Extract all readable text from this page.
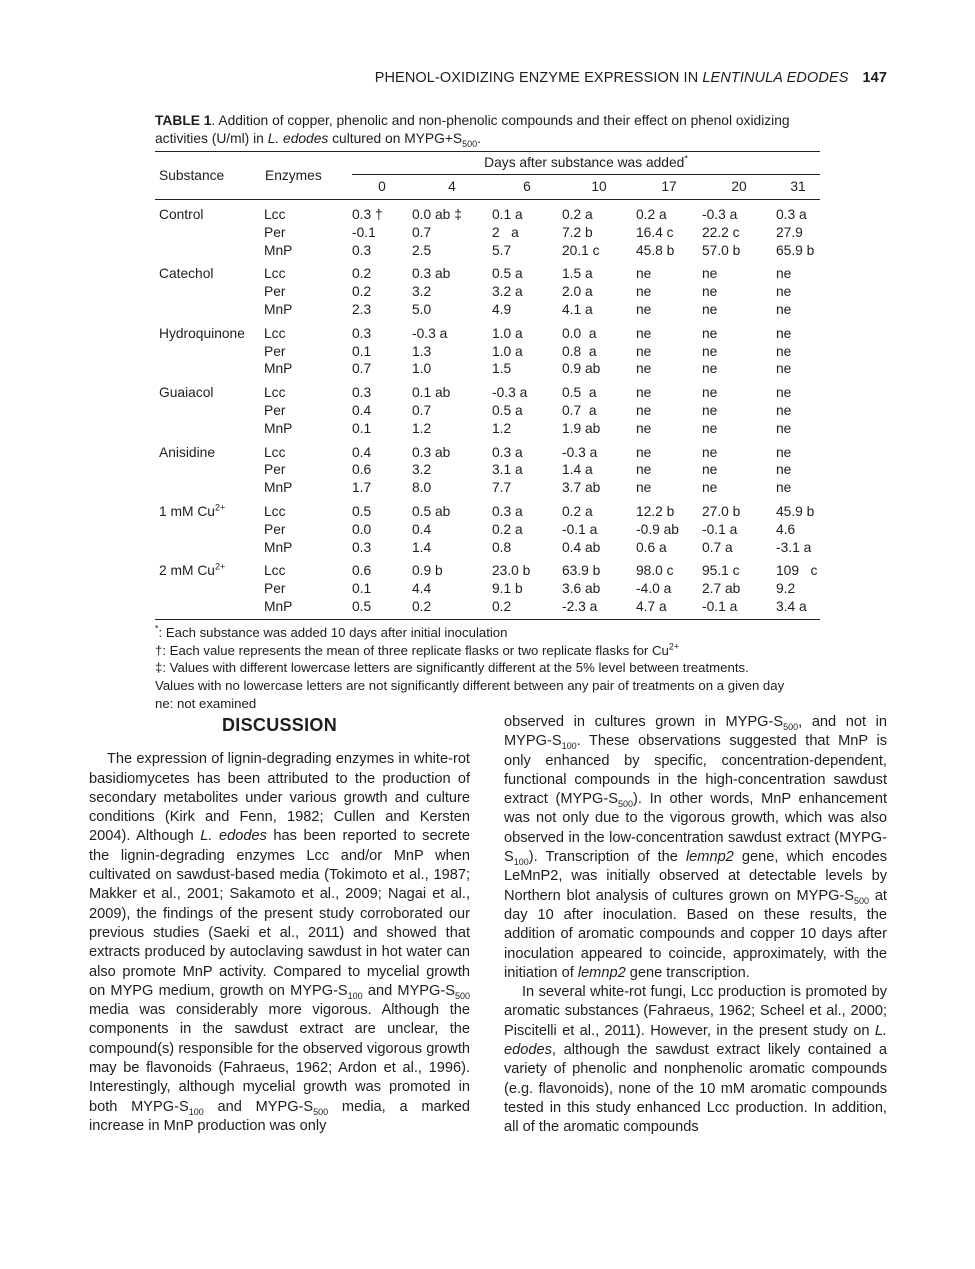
PHENOL-OXIDIZING ENZYME EXPRESSION IN LENTINULA EDODES 147

TABLE 1. Addition of copper, phenolic and non-phenolic compounds and their effect on phenol oxidizing activities (U/ml) in L. edodes cultured on $MYPG+S_{500}$.

Substance	Enzymes	Days after substance was added*
		0	4	6	10	17	20	31
Control	Lcc	0.3 †	0.0 ab ‡	0.1 a	0.2 a	0.2 a	-0.3 a	0.3 a
	Per	-0.1	0.7	2   a	7.2 b	16.4 c	22.2 c	27.9
	MnP	0.3	2.5	5.7	20.1 c	45.8 b	57.0 b	65.9 b
Catechol	Lcc	0.2	0.3 ab	0.5 a	1.5 a	ne	ne	ne
	Per	0.2	3.2	3.2 a	2.0 a	ne	ne	ne
	MnP	2.3	5.0	4.9	4.1 a	ne	ne	ne
Hydroquinone	Lcc	0.3	-0.3 a	1.0 a	0.0  a	ne	ne	ne
	Per	0.1	1.3	1.0 a	0.8  a	ne	ne	ne
	MnP	0.7	1.0	1.5	0.9 ab	ne	ne	ne
Guaiacol	Lcc	0.3	0.1 ab	-0.3 a	0.5  a	ne	ne	ne
	Per	0.4	0.7	0.5 a	0.7  a	ne	ne	ne
	MnP	0.1	1.2	1.2	1.9 ab	ne	ne	ne
Anisidine	Lcc	0.4	0.3 ab	0.3 a	-0.3 a	ne	ne	ne
	Per	0.6	3.2	3.1 a	1.4 a	ne	ne	ne
	MnP	1.7	8.0	7.7	3.7 ab	ne	ne	ne
1 mM $Cu^{2+}$	Lcc	0.5	0.5 ab	0.3 a	0.2 a	12.2 b	27.0 b	45.9 b
	Per	0.0	0.4	0.2 a	-0.1 a	-0.9 ab	-0.1 a	4.6
	MnP	0.3	1.4	0.8	0.4 ab	0.6 a	0.7 a	-3.1 a
2 mM $Cu^{2+}$	Lcc	0.6	0.9 b	23.0 b	63.9 b	98.0 c	95.1 c	109   c
	Per	0.1	4.4	9.1 b	3.6 ab	-4.0 a	2.7 ab	9.2
	MnP	0.5	0.2	0.2	-2.3 a	4.7 a	-0.1 a	3.4 a
*: Each substance was added 10 days after initial inoculation
†: Each value represents the mean of three replicate flasks or two replicate flasks for $Cu^{2+}$
‡: Values with different lowercase letters are significantly different at the 5% level between treatments.
Values with no lowercase letters are not significantly different between any pair of treatments on a given day
ne: not examined
DISCUSSION

The expression of lignin-degrading enzymes in white-rot basidiomycetes has been attributed to the production of secondary metabolites under various growth and culture conditions (Kirk and Fenn, 1982; Cullen and Kersten 2004). Although L. edodes has been reported to secrete the lignin-degrading enzymes Lcc and/or MnP when cultivated on sawdust-based media (Tokimoto et al., 1987; Makker et al., 2001; Sakamoto et al., 2009; Nagai et al., 2009), the findings of the present study corroborated our previous studies (Saeki et al., 2011) and showed that extracts produced by autoclaving sawdust in hot water can also promote MnP activity. Compared to mycelial growth on MYPG medium, growth on MYPG-$S_{100}$ and MYPG-$S_{500}$ media was considerably more vigorous. Although the components in the sawdust extract are unclear, the compound(s) responsible for the observed vigorous growth may be flavonoids (Fahraeus, 1962; Ardon et al., 1996). Interestingly, although mycelial growth was promoted in both MYPG-$S_{100}$ and MYPG-$S_{500}$ media, a marked increase in MnP production was only

observed in cultures grown in MYPG-$S_{500}$, and not in MYPG-$S_{100}$. These observations suggested that MnP is only enhanced by specific, concentration-dependent, functional compounds in the high-concentration sawdust extract $(MYPG-S_{500})$. In other words, MnP enhancement was not only due to the vigorous growth, which was also observed in the low-concentration sawdust extract $(MYPG-S_{100})$. Transcription of the lemnp2 gene, which encodes LeMnP2, was initially observed at detectable levels by Northern blot analysis of cultures grown on MYPG-$S_{500}$ at day 10 after inoculation. Based on these results, the addition of aromatic compounds and copper 10 days after inoculation appeared to coincide, approximately, with the initiation of lemnp2 gene transcription.

In several white-rot fungi, Lcc production is promoted by aromatic substances (Fahraeus, 1962; Scheel et al., 2000; Piscitelli et al., 2011). However, in the present study on L. edodes, although the sawdust extract likely contained a variety of phenolic and nonphenolic aromatic compounds (e.g. flavonoids), none of the 10 mM aromatic compounds tested in this study enhanced Lcc production. In addition, all of the aromatic compounds
